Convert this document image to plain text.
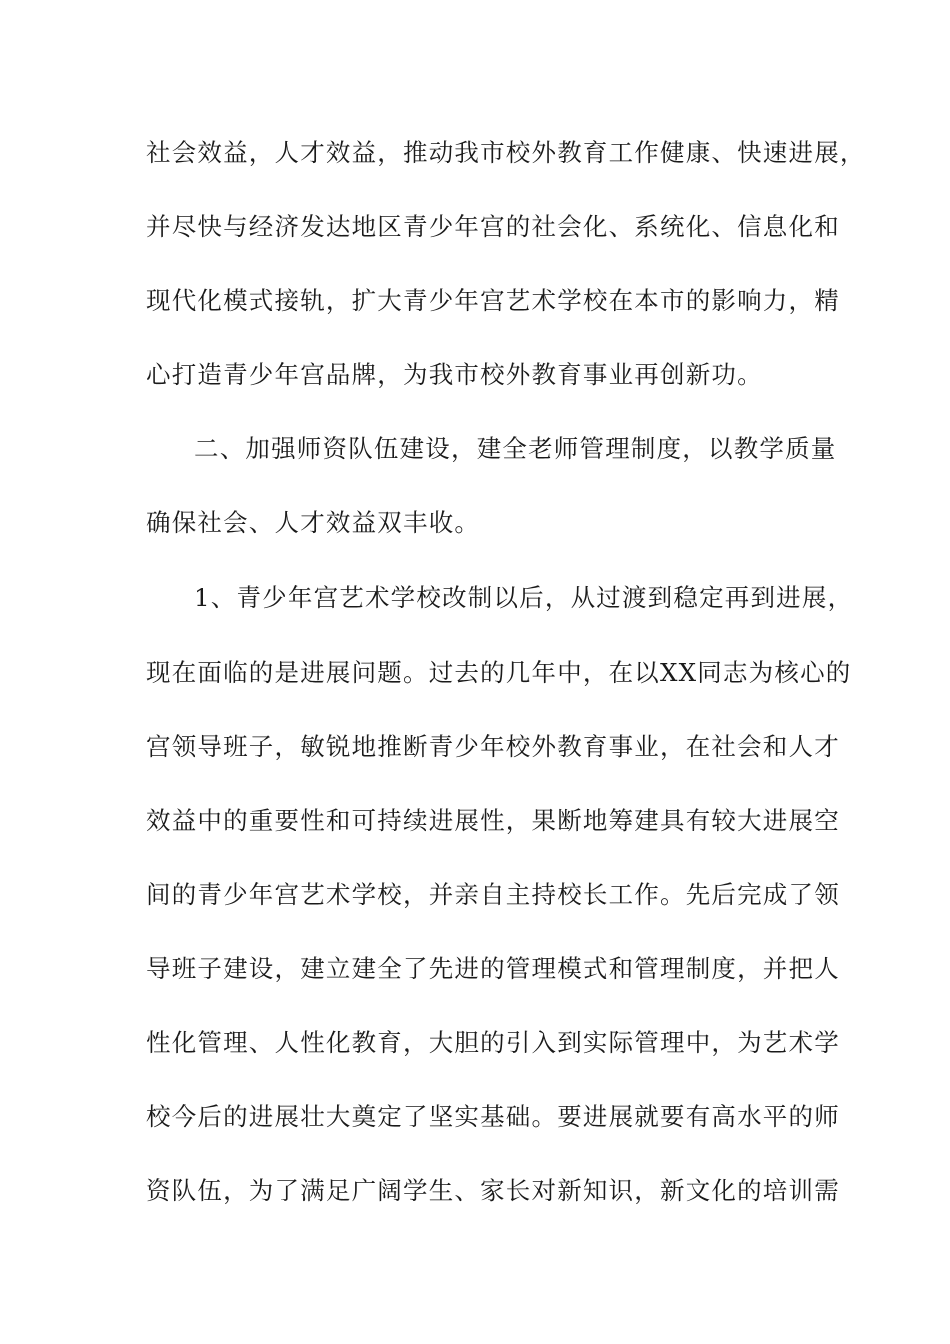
社会效益，人才效益，推动我市校外教育工作健康、快速进展，
并尽快与经济发达地区青少年宫的社会化、系统化、信息化和
现代化模式接轨，扩大青少年宫艺术学校在本市的影响力，精
心打造青少年宫品牌，为我市校外教育事业再创新功。
二、加强师资队伍建设，建全老师管理制度，以教学质量
确保社会、人才效益双丰收。
1、青少年宫艺术学校改制以后，从过渡到稳定再到进展，
现在面临的是进展问题。过去的几年中，在以XX同志为核心的
宫领导班子，敏锐地推断青少年校外教育事业，在社会和人才
效益中的重要性和可持续进展性，果断地筹建具有较大进展空
间的青少年宫艺术学校，并亲自主持校长工作。先后完成了领
导班子建设，建立建全了先进的管理模式和管理制度，并把人
性化管理、人性化教育，大胆的引入到实际管理中，为艺术学
校今后的进展壮大奠定了坚实基础。要进展就要有高水平的师
资队伍，为了满足广阔学生、家长对新知识，新文化的培训需
